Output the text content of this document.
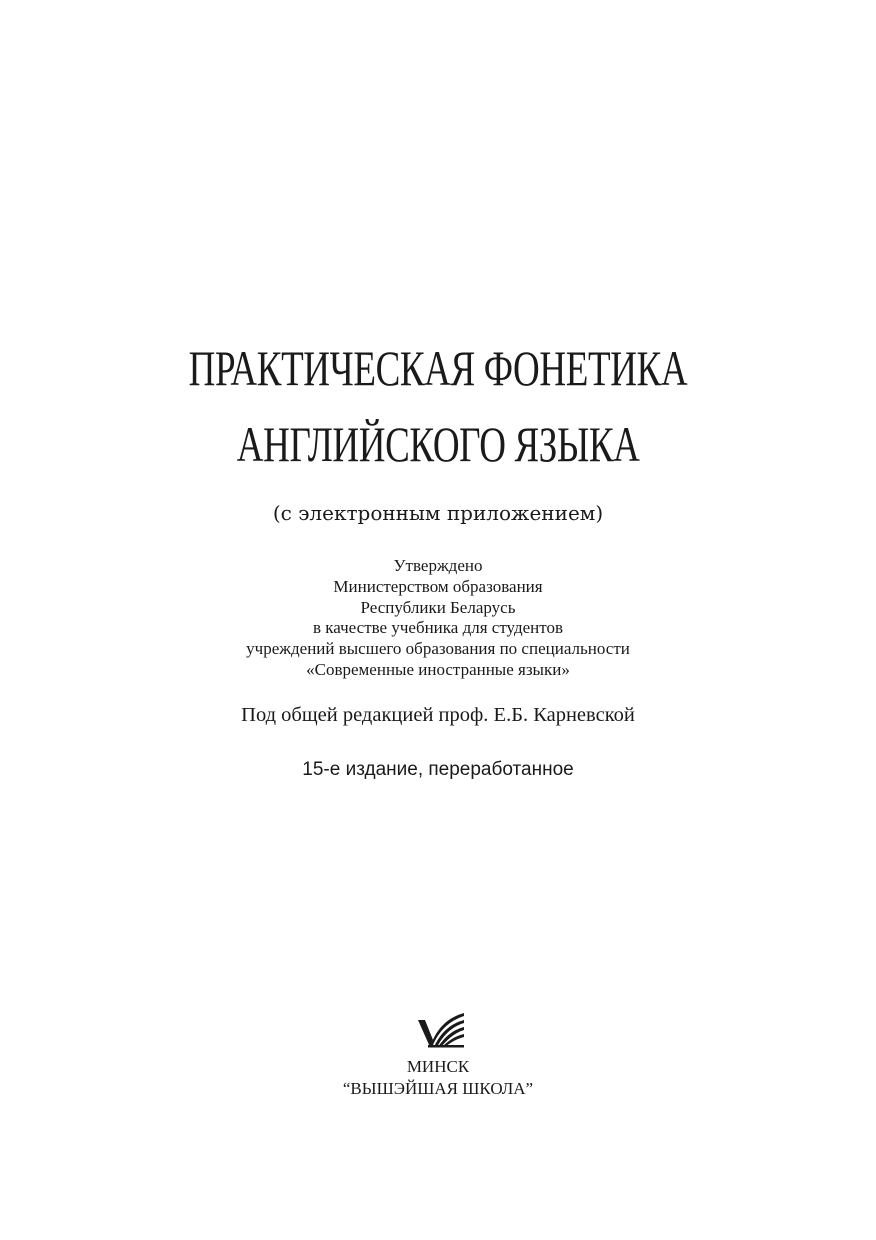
ПРАКТИЧЕСКАЯ ФОНЕТИКА
АНГЛИЙСКОГО ЯЗЫКА
(с электронным приложением)
Утверждено
Министерством образования
Республики Беларусь
в качестве учебника для студентов
учреждений высшего образования по специальности
«Современные иностранные языки»
Под общей редакцией проф. Е.Б. Карневской
15-е издание, переработанное
МИНСК
“ВЫШЭЙШАЯ ШКОЛА”
